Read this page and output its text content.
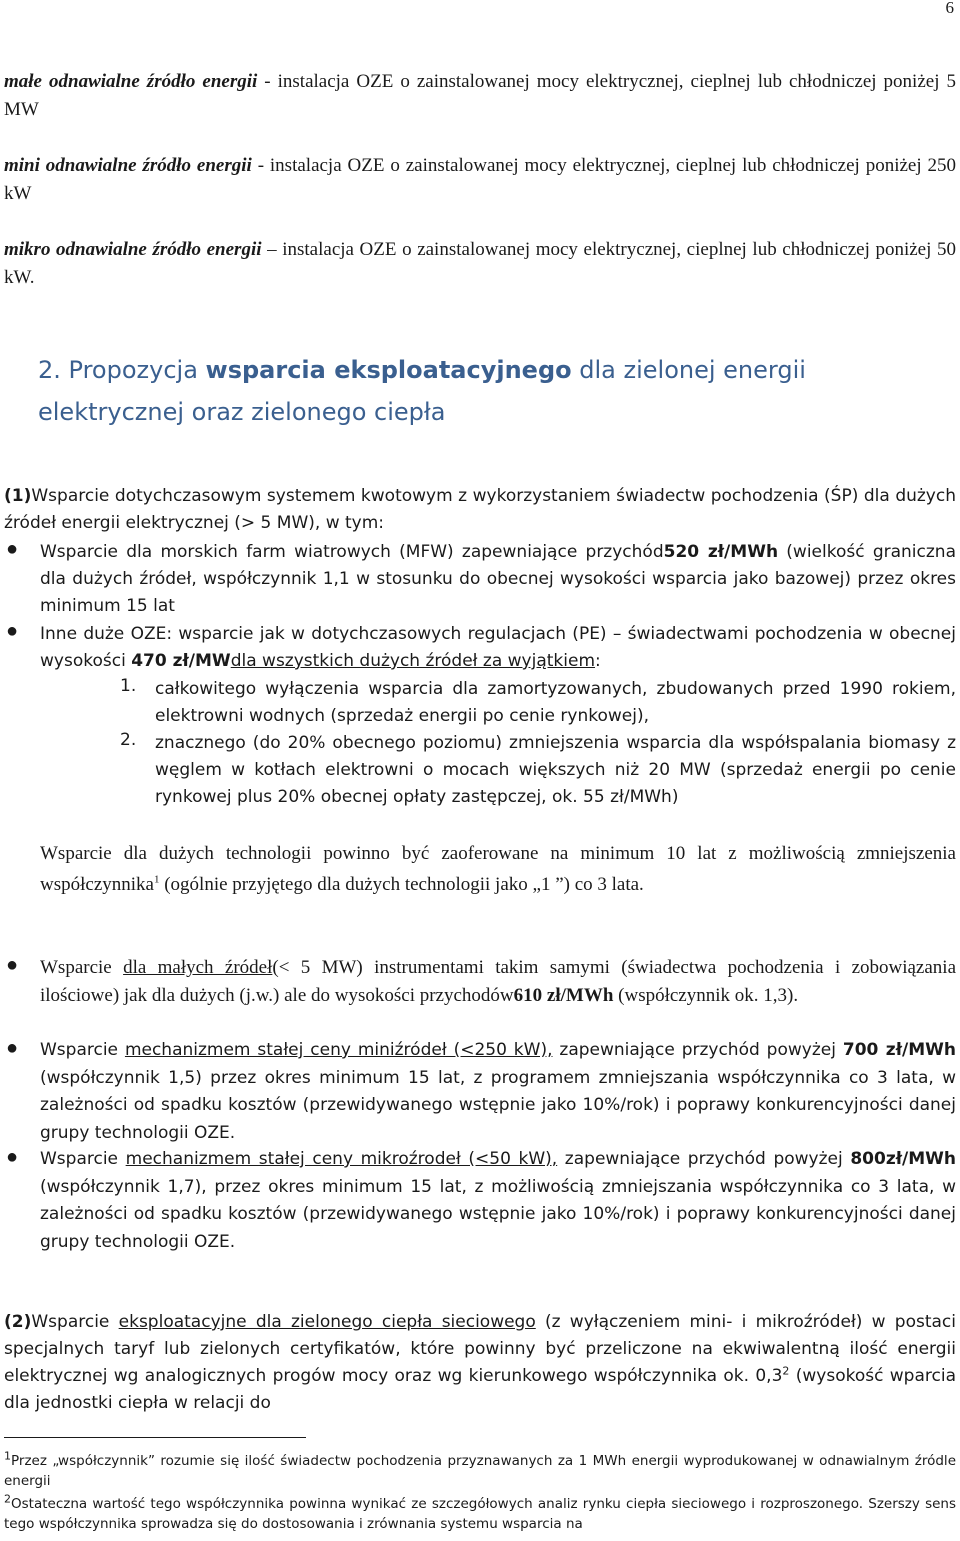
6
małe odnawialne źródło energii - instalacja OZE o zainstalowanej mocy elektrycznej, cieplnej lub chłodniczej poniżej 5 MW
mini odnawialne źródło energii - instalacja OZE o zainstalowanej mocy elektrycznej, cieplnej lub chłodniczej poniżej 250 kW
mikro odnawialne źródło energii – instalacja OZE o zainstalowanej mocy elektrycznej, cieplnej lub chłodniczej poniżej 50 kW.
2. Propozycja wsparcia eksploatacyjnego dla zielonej energii elektrycznej oraz zielonego ciepła
(1)Wsparcie dotychczasowym systemem kwotowym z wykorzystaniem świadectw pochodzenia (ŚP) dla dużych źródeł energii elektrycznej (> 5 MW), w tym:
● Wsparcie dla morskich farm wiatrowych (MFW) zapewniające przychód520 zł/MWh (wielkość graniczna dla dużych źródeł, współczynnik 1,1 w stosunku do obecnej wysokości wsparcia jako bazowej) przez okres minimum 15 lat
● Inne duże OZE: wsparcie jak w dotychczasowych regulacjach (PE) – świadectwami pochodzenia w obecnej wysokości 470 zł/MWdla wszystkich dużych źródeł za wyjątkiem:
1. całkowitego wyłączenia wsparcia dla zamortyzowanych, zbudowanych przed 1990 rokiem, elektrowni wodnych (sprzedaż energii po cenie rynkowej),
2. znacznego (do 20% obecnego poziomu) zmniejszenia wsparcia dla współspalania biomasy z węglem w kotłach elektrowni o mocach większych niż 20 MW (sprzedaż energii po cenie rynkowej plus 20% obecnej opłaty zastępczej, ok. 55 zł/MWh)
Wsparcie dla dużych technologii powinno być zaoferowane na minimum 10 lat z możliwością zmniejszenia współczynnika$^1$ (ogólnie przyjętego dla dużych technologii jako „1 ”) co 3 lata.
● Wsparcie dla małych źródeł(< 5 MW) instrumentami takim samymi (świadectwa pochodzenia i zobowiązania ilościowe) jak dla dużych (j.w.) ale do wysokości przychodów610 zł/MWh (współczynnik ok. 1,3).
● Wsparcie mechanizmem stałej ceny miniźródeł (<250 kW), zapewniające przychód powyżej 700 zł/MWh (współczynnik 1,5) przez okres minimum 15 lat, z programem zmniejszania współczynnika co 3 lata, w zależności od spadku kosztów (przewidywanego wstępnie jako 10%/rok) i poprawy konkurencyjności danej grupy technologii OZE.
● Wsparcie mechanizmem stałej ceny mikroźrodeł (<50 kW), zapewniające przychód powyżej 800zł/MWh (współczynnik 1,7), przez okres minimum 15 lat, z możliwością zmniejszania współczynnika co 3 lata, w zależności od spadku kosztów (przewidywanego wstępnie jako 10%/rok) i poprawy konkurencyjności danej grupy technologii OZE.
(2)Wsparcie eksploatacyjne dla zielonego ciepła sieciowego (z wyłączeniem mini- i mikroźródeł) w postaci specjalnych taryf lub zielonych certyfikatów, które powinny być przeliczone na ekwiwalentną ilość energii elektrycznej wg analogicznych progów mocy oraz wg kierunkowego współczynnika ok. $0,3^2$ (wysokość wparcia dla jednostki ciepła w relacji do
$^1$Przez „współczynnik” rozumie się ilość świadectw pochodzenia przyznawanych za 1 MWh energii wyprodukowanej w odnawialnym źródle energii
$^2$Ostateczna wartość tego współczynnika powinna wynikać ze szczegółowych analiz rynku ciepła sieciowego i rozproszonego. Szerszy sens tego współczynnika sprowadza się do dostosowania i zrównania systemu wsparcia na
